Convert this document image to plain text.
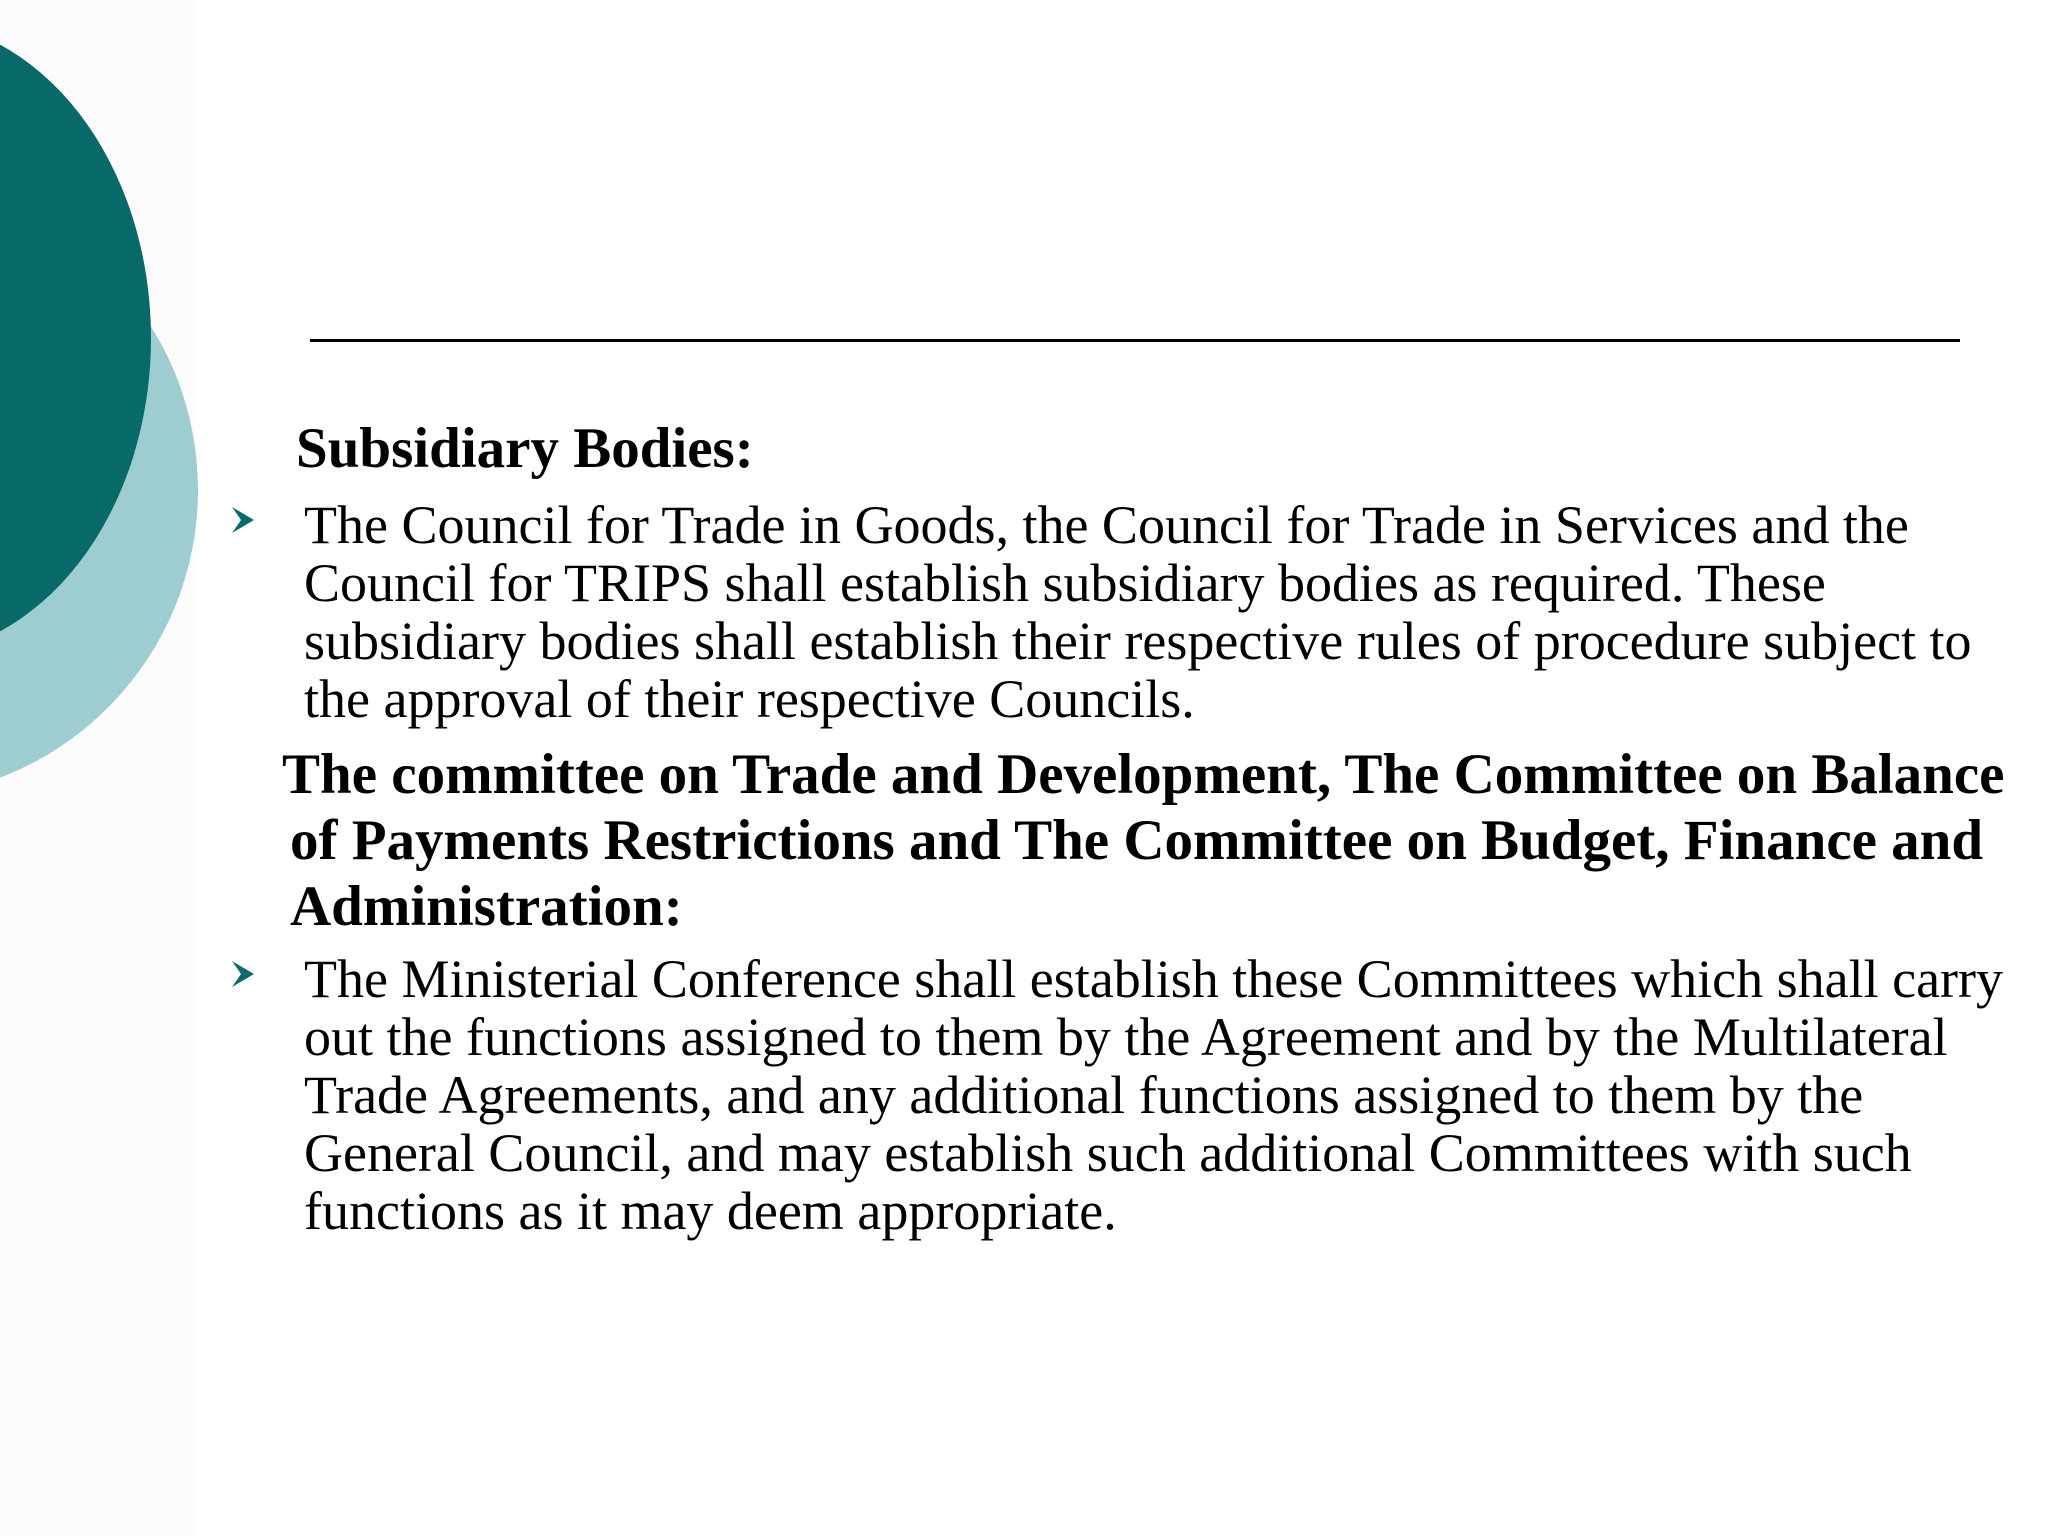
Subsidiary Bodies:
The Council for Trade in Goods, the Council for Trade in Services and the Council for TRIPS shall establish subsidiary bodies as required. These subsidiary bodies shall establish their respective rules of procedure subject to the approval of their respective Councils.
The committee on Trade and Development, The Committee on Balance of Payments Restrictions and The Committee on Budget, Finance and Administration:
The Ministerial Conference shall establish these Committees which shall carry out the functions assigned to them by the Agreement and by the Multilateral Trade Agreements, and any additional functions assigned to them by the General Council, and may establish such additional Committees with such functions as it may deem appropriate.
